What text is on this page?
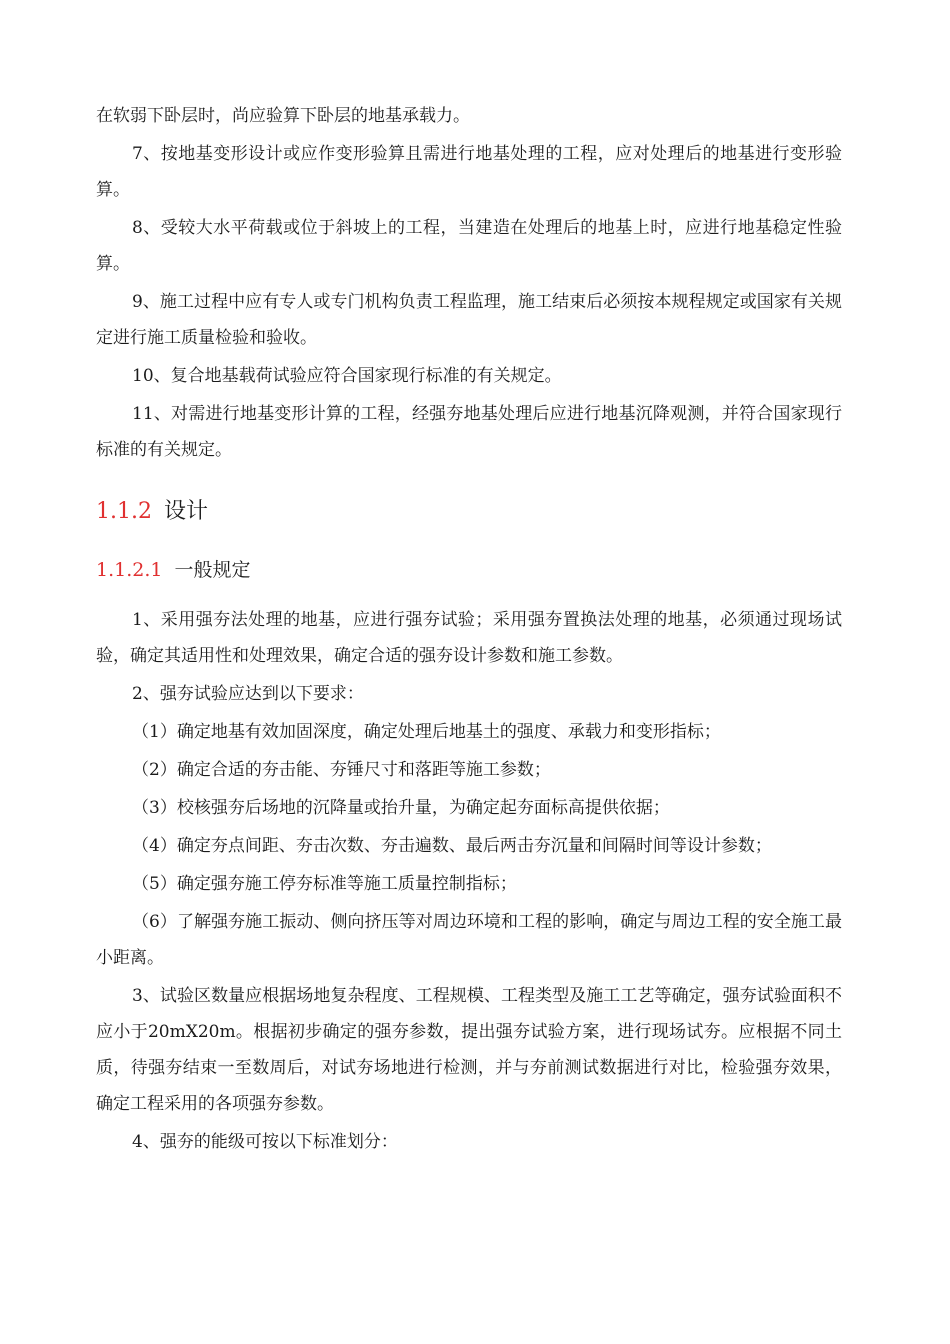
在软弱下卧层时，尚应验算下卧层的地基承载力。

7、按地基变形设计或应作变形验算且需进行地基处理的工程，应对处理后的地基进行变形验算。

8、受较大水平荷载或位于斜坡上的工程，当建造在处理后的地基上时，应进行地基稳定性验算。

9、施工过程中应有专人或专门机构负责工程监理，施工结束后必须按本规程规定或国家有关规定进行施工质量检验和验收。

10、复合地基载荷试验应符合国家现行标准的有关规定。

11、对需进行地基变形计算的工程，经强夯地基处理后应进行地基沉降观测，并符合国家现行标准的有关规定。

1.1.2 设计
1.1.2.1 一般规定

1、采用强夯法处理的地基，应进行强夯试验；采用强夯置换法处理的地基，必须通过现场试验，确定其适用性和处理效果，确定合适的强夯设计参数和施工参数。

2、强夯试验应达到以下要求：

（1）确定地基有效加固深度，确定处理后地基土的强度、承载力和变形指标；

（2）确定合适的夯击能、夯锤尺寸和落距等施工参数；

（3）校核强夯后场地的沉降量或抬升量，为确定起夯面标高提供依据；

（4）确定夯点间距、夯击次数、夯击遍数、最后两击夯沉量和间隔时间等设计参数；

（5）确定强夯施工停夯标准等施工质量控制指标；

（6）了解强夯施工振动、侧向挤压等对周边环境和工程的影响，确定与周边工程的安全施工最小距离。

3、试验区数量应根据场地复杂程度、工程规模、工程类型及施工工艺等确定，强夯试验面积不应小于20mX20m。根据初步确定的强夯参数，提出强夯试验方案，进行现场试夯。应根据不同土质，待强夯结束一至数周后，对试夯场地进行检测，并与夯前测试数据进行对比，检验强夯效果，确定工程采用的各项强夯参数。

4、强夯的能级可按以下标准划分：
